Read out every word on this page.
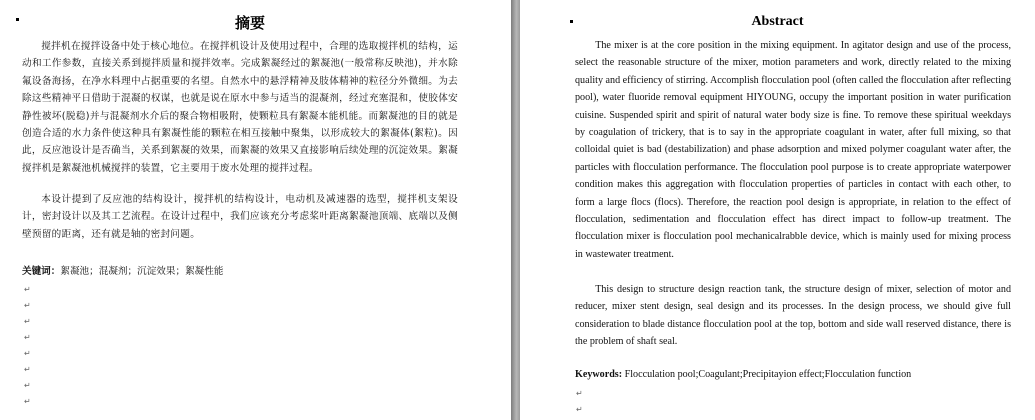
摘要

搅拌机在搅拌设备中处于核心地位。在搅拌机设计及使用过程中，合理的选取搅拌机的结构，运动和工作参数，直接关系到搅拌质量和搅拌效率。完成絮凝经过的絮凝池(一般常称反映池)，并水除氟设备海扬，在净水料理中占据重要的名望。自然水中的悬浮精神及肢体精神的粒径分外微细。为去除这些精神平日借助于混凝的权谋，也就是说在原水中参与适当的混凝剂，经过充塞混和，使胶体安静性被坏(脱稳)并与混凝剂水介后的聚合物相吸附，使颗粒具有絮凝本能机能。而絮凝池的目的就是创造合适的水力条件使这种具有絮凝性能的颗粒在相互接触中聚集，以形成较大的絮凝体(絮粒)。因此，反应池设计是否确当，关系到絮凝的效果，而絮凝的效果又直接影响后续处理的沉淀效果。絮凝搅拌机是絮凝池机械搅拌的装置，它主要用于废水处理的搅拌过程。

本设计提到了反应池的结构设计，搅拌机的结构设计，电动机及减速器的选型，搅拌机支架设计，密封设计以及其工艺流程。在设计过程中，我们应该充分考虑桨叶距离絮凝池顶端、底端以及侧壁预留的距离，还有就是轴的密封问题。

关键词：絮凝池；混凝剂；沉淀效果；絮凝性能

↵
↵
↵
↵
↵
↵
↵
↵
Abstract

The mixer is at the core position in the mixing equipment. In agitator design and use of the process, select the reasonable structure of the mixer, motion parameters and work, directly related to the mixing quality and efficiency of stirring. Accomplish flocculation pool (often called the flocculation after reflecting pool), water fluoride removal equipment HIYOUNG, occupy the important position in water purification cuisine. Suspended spirit and spirit of natural water body size is fine. To remove these spiritual weekdays by coagulation of trickery, that is to say in the appropriate coagulant in water, after full mixing, so that colloidal quiet is bad (destabilization) and phase adsorption and mixed polymer coagulant water after, the particles with flocculation performance. The flocculation pool purpose is to create appropriate waterpower condition makes this aggregation with flocculation properties of particles in contact with each other, to form a large flocs (flocs). Therefore, the reaction pool design is appropriate, in relation to the effect of flocculation, sedimentation and flocculation effect has direct impact to follow-up treatment. The flocculation mixer is flocculation pool mechanicalrabble device, which is mainly used for mixing process in wastewater treatment.

This design to structure design reaction tank, the structure design of mixer, selection of motor and reducer, mixer stent design, seal design and its processes. In the design process, we should give full consideration to blade distance flocculation pool at the top, bottom and side wall reserved distance, there is the problem of shaft seal.

Keywords: Flocculation pool;Coagulant;Precipitayion effect;Flocculation function

↵
↵
